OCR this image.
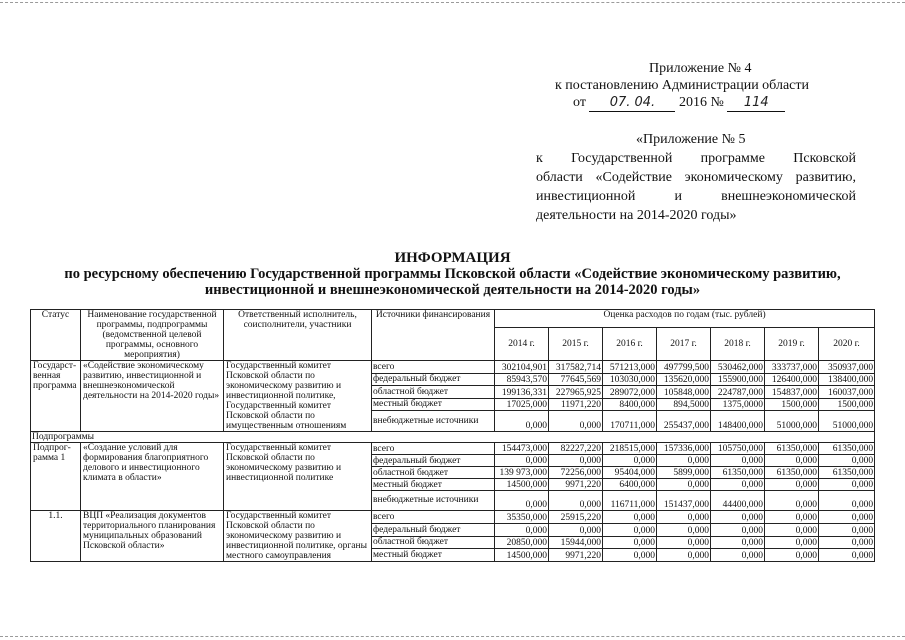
Приложение № 4
к постановлению Администрации области
от 07. 04. 2016 № 114
«Приложение № 5
к Государственной программе Псковской
области «Содействие экономическому развитию,
инвестиционной и внешнеэкономической
деятельности на 2014-2020 годы»
ИНФОРМАЦИЯ
по ресурсному обеспечению Государственной программы Псковской области «Содействие экономическому развитию,
инвестиционной и внешнеэкономической деятельности на 2014-2020 годы»
Статус	Наименование государственной программы, подпрограммы (ведомственной целевой программы, основного мероприятия)	Ответственный исполнитель, соисполнители, участники	Источники финансирования	Оценка расходов по годам (тыс. рублей)						
				2014 г.	2015 г.	2016 г.	2017 г.	2018 г.	2019 г.	2020 г.
Государст-венная программа	«Содействие экономическому развитию, инвестиционной и внешнеэкономической деятельности на 2014-2020 годы»	Государственный комитет Псковской области по экономическому развитию и инвестиционной политике, Государственный комитет Псковской области по имущественным отношениям	всего	302104,901	317582,714	571213,000	497799,500	530462,000	333737,000	350937,000
			федеральный бюджет	85943,570	77645,569	103030,000	135620,000	155900,000	126400,000	138400,000
			областной бюджет	199136,331	227965,925	289072,000	105848,000	224787,000	154837,000	160037,000
			местный бюджет	17025,000	11971,220	8400,000	894,5000	1375,0000	1500,000	1500,000
			внебюджетные источники	0,000	0,000	170711,000	255437,000	148400,000	51000,000	51000,000
Подпрограммы										
Подпрог-рамма 1	«Создание условий для формирования благоприятного делового и инвестиционного климата в области»	Государственный комитет Псковской области по экономическому развитию и инвестиционной политике	всего	154473,000	82227,220	218515,000	157336,000	105750,000	61350,000	61350,000
			федеральный бюджет	0,000	0,000	0,000	0,000	0,000	0,000	0,000
			областной бюджет	139 973,000	72256,000	95404,000	5899,000	61350,000	61350,000	61350,000
			местный бюджет	14500,000	9971,220	6400,000	0,000	0,000	0,000	0,000
			внебюджетные источники	0,000	0,000	116711,000	151437,000	44400,000	0,000	0,000
1.1.	ВЦП «Реализация документов территориального планирования муниципальных образований Псковской области»	Государственный комитет Псковской области по экономическому развитию и инвестиционной политике, органы местного самоуправления	всего	35350,000	25915,220	0,000	0,000	0,000	0,000	0,000
			федеральный бюджет	0,000	0,000	0,000	0,000	0,000	0,000	0,000
			областной бюджет	20850,000	15944,000	0,000	0,000	0,000	0,000	0,000
			местный бюджет	14500,000	9971,220	0,000	0,000	0,000	0,000	0,000
